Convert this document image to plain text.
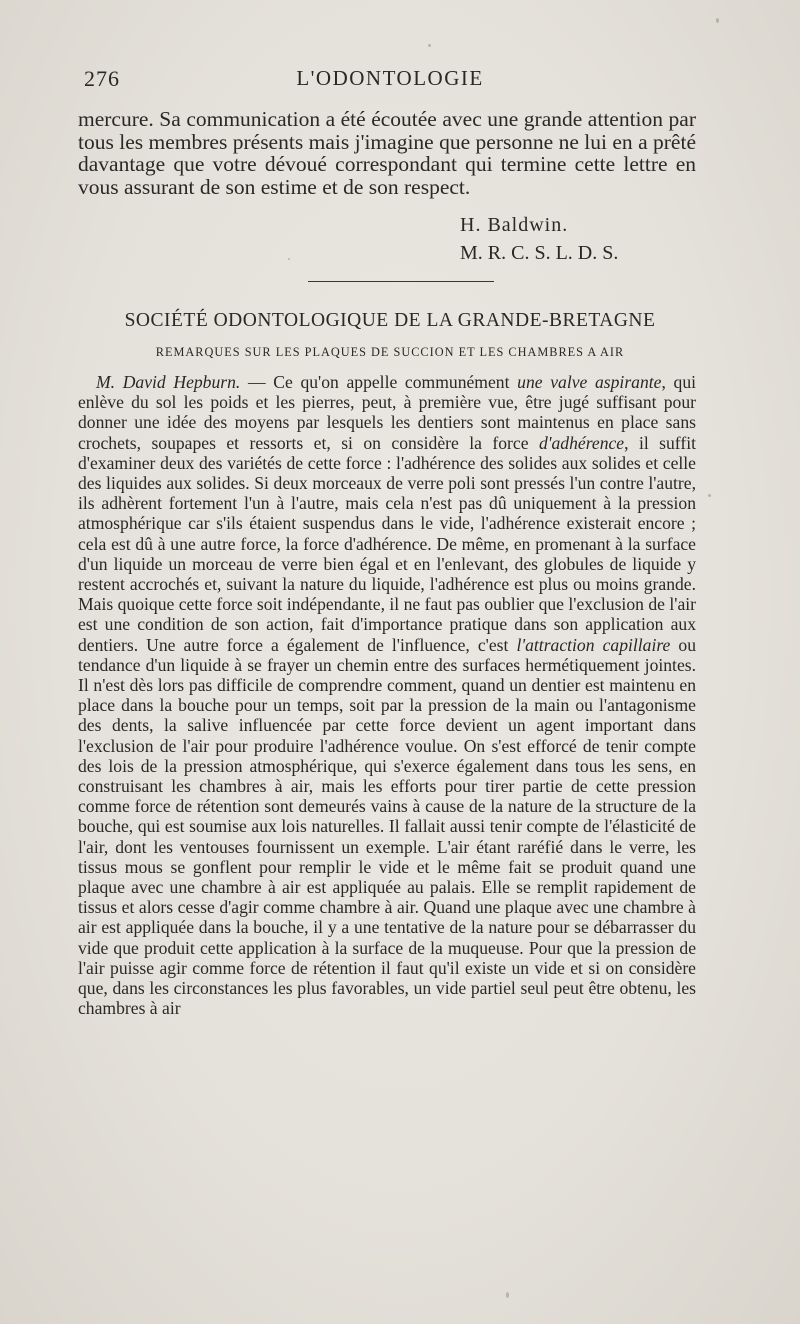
276	L'ODONTOLOGIE

mercure. Sa communication a été écoutée avec une grande attention par tous les membres présents mais j'imagine que personne ne lui en a prêté davantage que votre dévoué correspondant qui termine cette lettre en vous assurant de son estime et de son respect.

H. Baldwin.
M. R. C. S. L. D. S.
SOCIÉTÉ ODONTOLOGIQUE DE LA GRANDE-BRETAGNE
REMARQUES SUR LES PLAQUES DE SUCCION ET LES CHAMBRES A AIR

M. David Hepburn. — Ce qu'on appelle communément une valve aspirante, qui enlève du sol les poids et les pierres, peut, à première vue, être jugé suffisant pour donner une idée des moyens par lesquels les dentiers sont maintenus en place sans crochets, soupapes et ressorts et, si on considère la force d'adhérence, il suffit d'examiner deux des variétés de cette force : l'adhérence des solides aux solides et celle des liquides aux solides. Si deux morceaux de verre poli sont pressés l'un contre l'autre, ils adhèrent fortement l'un à l'autre, mais cela n'est pas dû uniquement à la pression atmosphérique car s'ils étaient suspendus dans le vide, l'adhérence existerait encore ; cela est dû à une autre force, la force d'adhérence. De même, en promenant à la surface d'un liquide un morceau de verre bien égal et en l'enlevant, des globules de liquide y restent accrochés et, suivant la nature du liquide, l'adhérence est plus ou moins grande. Mais quoique cette force soit indépendante, il ne faut pas oublier que l'exclusion de l'air est une condition de son action, fait d'importance pratique dans son application aux dentiers. Une autre force a également de l'influence, c'est l'attraction capillaire ou tendance d'un liquide à se frayer un chemin entre des surfaces hermétiquement jointes. Il n'est dès lors pas difficile de comprendre comment, quand un dentier est maintenu en place dans la bouche pour un temps, soit par la pression de la main ou l'antagonisme des dents, la salive influencée par cette force devient un agent important dans l'exclusion de l'air pour produire l'adhérence voulue. On s'est efforcé de tenir compte des lois de la pression atmosphérique, qui s'exerce également dans tous les sens, en construisant les chambres à air, mais les efforts pour tirer partie de cette pression comme force de rétention sont demeurés vains à cause de la nature de la structure de la bouche, qui est soumise aux lois naturelles. Il fallait aussi tenir compte de l'élasticité de l'air, dont les ventouses fournissent un exemple. L'air étant raréfié dans le verre, les tissus mous se gonflent pour remplir le vide et le même fait se produit quand une plaque avec une chambre à air est appliquée au palais. Elle se remplit rapidement de tissus et alors cesse d'agir comme chambre à air. Quand une plaque avec une chambre à air est appliquée dans la bouche, il y a une tentative de la nature pour se débarrasser du vide que produit cette application à la surface de la muqueuse. Pour que la pression de l'air puisse agir comme force de rétention il faut qu'il existe un vide et si on considère que, dans les circonstances les plus favorables, un vide partiel seul peut être obtenu, les chambres à air
